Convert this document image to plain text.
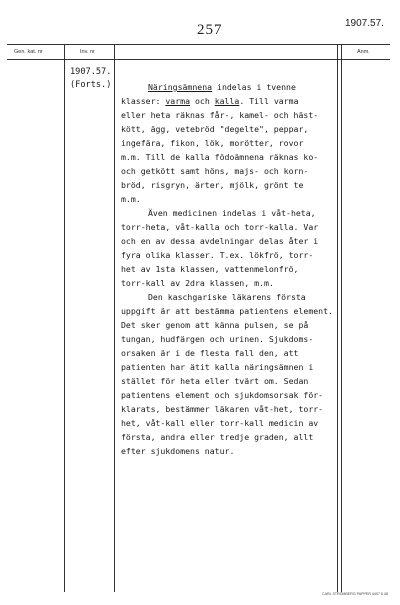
257	1907.57.
Gen. kat. nr	Inv. nr	Anm.
1907.57.
(Forts.)	Näringsämnena indelas i tvenne
klasser: varma och kalla. Till varma
eller heta räknas får-, kamel- och häst-
kött, ägg, vetebröd "degelte", peppar,
ingefära, fikon, lök, morötter, rovor
m.m. Till de kalla födoämnena räknas ko-
och getkött samt höns, majs- och korn-
bröd, risgryn, ärter, mjölk, grönt te
m.m.
Även medicinen indelas i våt-heta,
torr-heta, våt-kalla och torr-kalla. Var
och en av dessa avdelningar delas åter i
fyra olika klasser. T.ex. lökfrö, torr-
het av 1sta klassen, vattenmelonfrö,
torr-kall av 2dra klassen, m.m.
Den kaschgariske läkarens första
uppgift är att bestämma patientens element.
Det sker genom att känna pulsen, se på
tungan, hudfärgen och urinen. Sjukdoms-
orsaken är i de flesta fall den, att
patienten har ätit kalla näringsämnen i
stället för heta eller tvärt om. Sedan
patientens element och sjukdomsorsak för-
klarats, bestämmer läkaren våt-het, torr-
het, våt-kall eller torr-kall medicin av
första, andra eller tredje graden, allt
efter sjukdomens natur.
CARL STRÖMBERG PAPPER 4407 8 48
